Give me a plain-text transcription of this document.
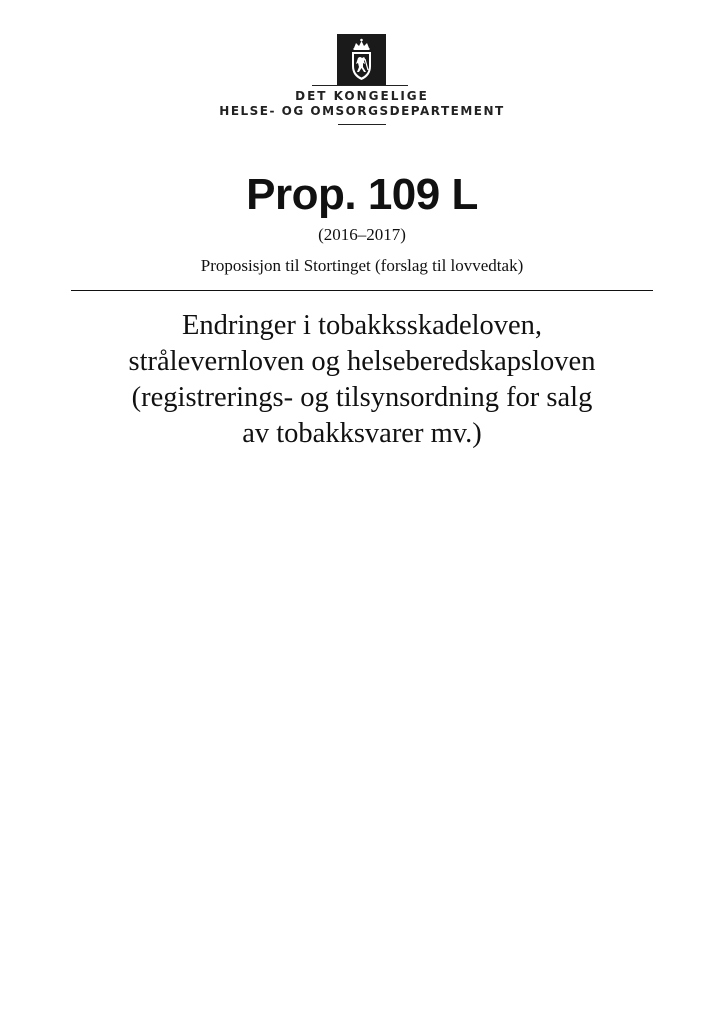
DET KONGELIGE
HELSE- OG OMSORGSDEPARTEMENT
Prop. 109 L
(2016–2017)
Proposisjon til Stortinget (forslag til lovvedtak)
Endringer i tobakksskadeloven,
strålevernloven og helseberedskapsloven
(registrerings- og tilsynsordning for salg
av tobakksvarer mv.)
